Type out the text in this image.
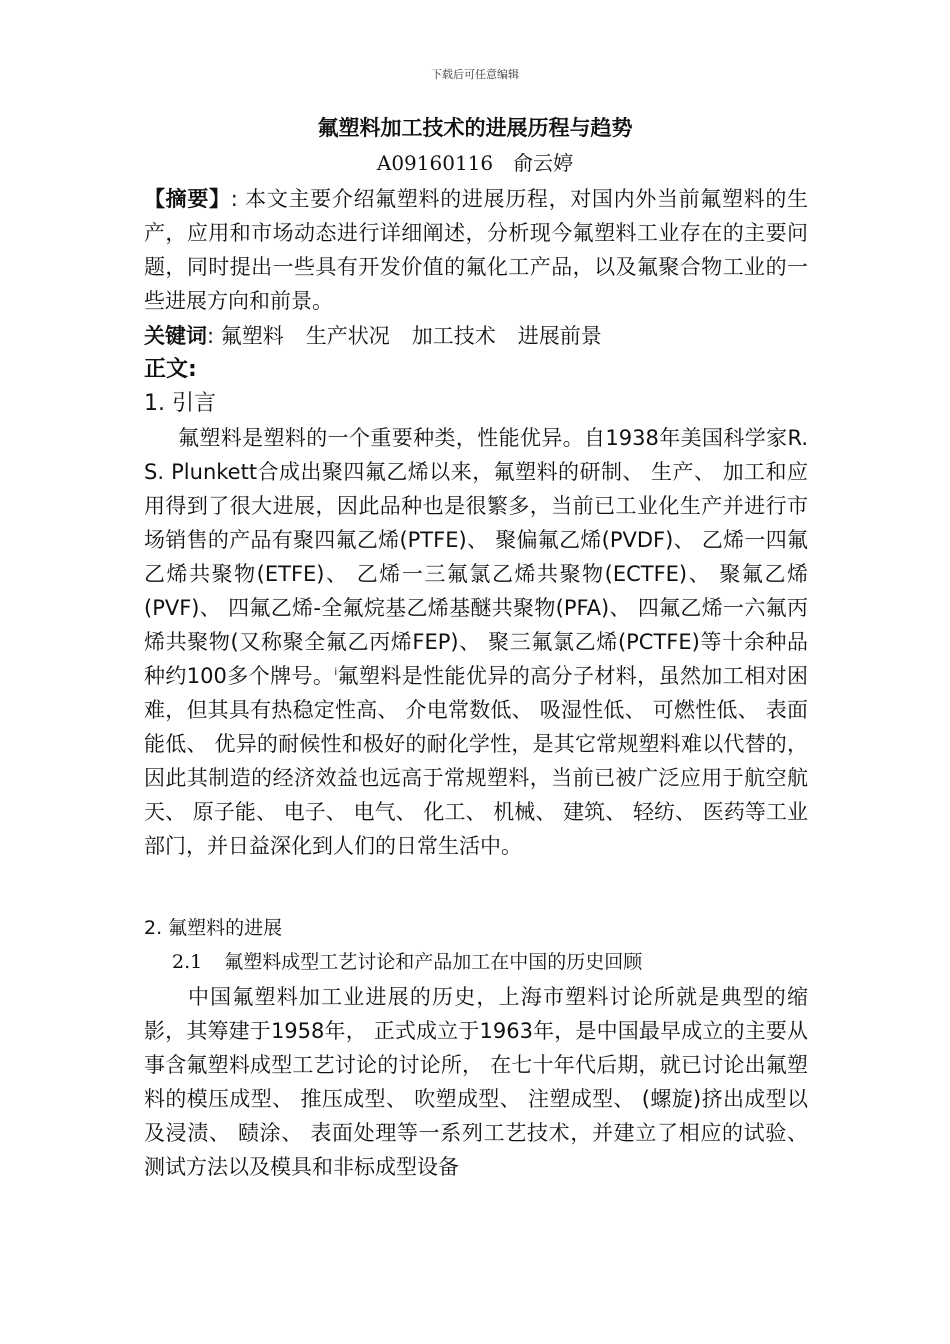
下载后可任意编辑
氟塑料加工技术的进展历程与趋势
A09160116 俞云婷
【摘要】: 本文主要介绍氟塑料的进展历程，对国内外当前氟塑料的生产，应用和市场动态进行详细阐述，分析现今氟塑料工业存在的主要问题，同时提出一些具有开发价值的氟化工产品，以及氟聚合物工业的一些进展方向和前景。
关键词: 氟塑料 生产状况 加工技术 进展前景
正文:
1. 引言
氟塑料是塑料的一个重要种类，性能优异。自1938年美国科学家R. S. Plunkett合成出聚四氟乙烯以来，氟塑料的研制、 生产、 加工和应用得到了很大进展，因此品种也是很繁多，当前已工业化生产并进行市场销售的产品有聚四氟乙烯(PTFE)、 聚偏氟乙烯(PVDF)、 乙烯一四氟乙烯共聚物(ETFE)、 乙烯一三氟氯乙烯共聚物(ECTFE)、 聚氟乙烯(PVF)、 四氟乙烯-全氟烷基乙烯基醚共聚物(PFA)、 四氟乙烯一六氟丙烯共聚物(又称聚全氟乙丙烯FEP)、 聚三氟氯乙烯(PCTFE)等十余种品种约100多个牌号。$^i$氟塑料是性能优异的高分子材料，虽然加工相对困难，但其具有热稳定性高、 介电常数低、 吸湿性低、 可燃性低、 表面能低、 优异的耐候性和极好的耐化学性，是其它常规塑料难以代替的，因此其制造的经济效益也远高于常规塑料，当前已被广泛应用于航空航天、 原子能、 电子、 电气、 化工、 机械、 建筑、 轻纺、 医药等工业部门，并日益深化到人们的日常生活中。
2. 氟塑料的进展
2.1 氟塑料成型工艺讨论和产品加工在中国的历史回顾
中国氟塑料加工业进展的历史，上海市塑料讨论所就是典型的缩影，其筹建于1958年， 正式成立于1963年，是中国最早成立的主要从事含氟塑料成型工艺讨论的讨论所， 在七十年代后期，就已讨论出氟塑料的模压成型、 推压成型、 吹塑成型、 注塑成型、 (螺旋)挤出成型以及浸渍、 赜涂、 表面处理等一系列工艺技术，并建立了相应的试验、 测试方法以及模具和非标成型设备
